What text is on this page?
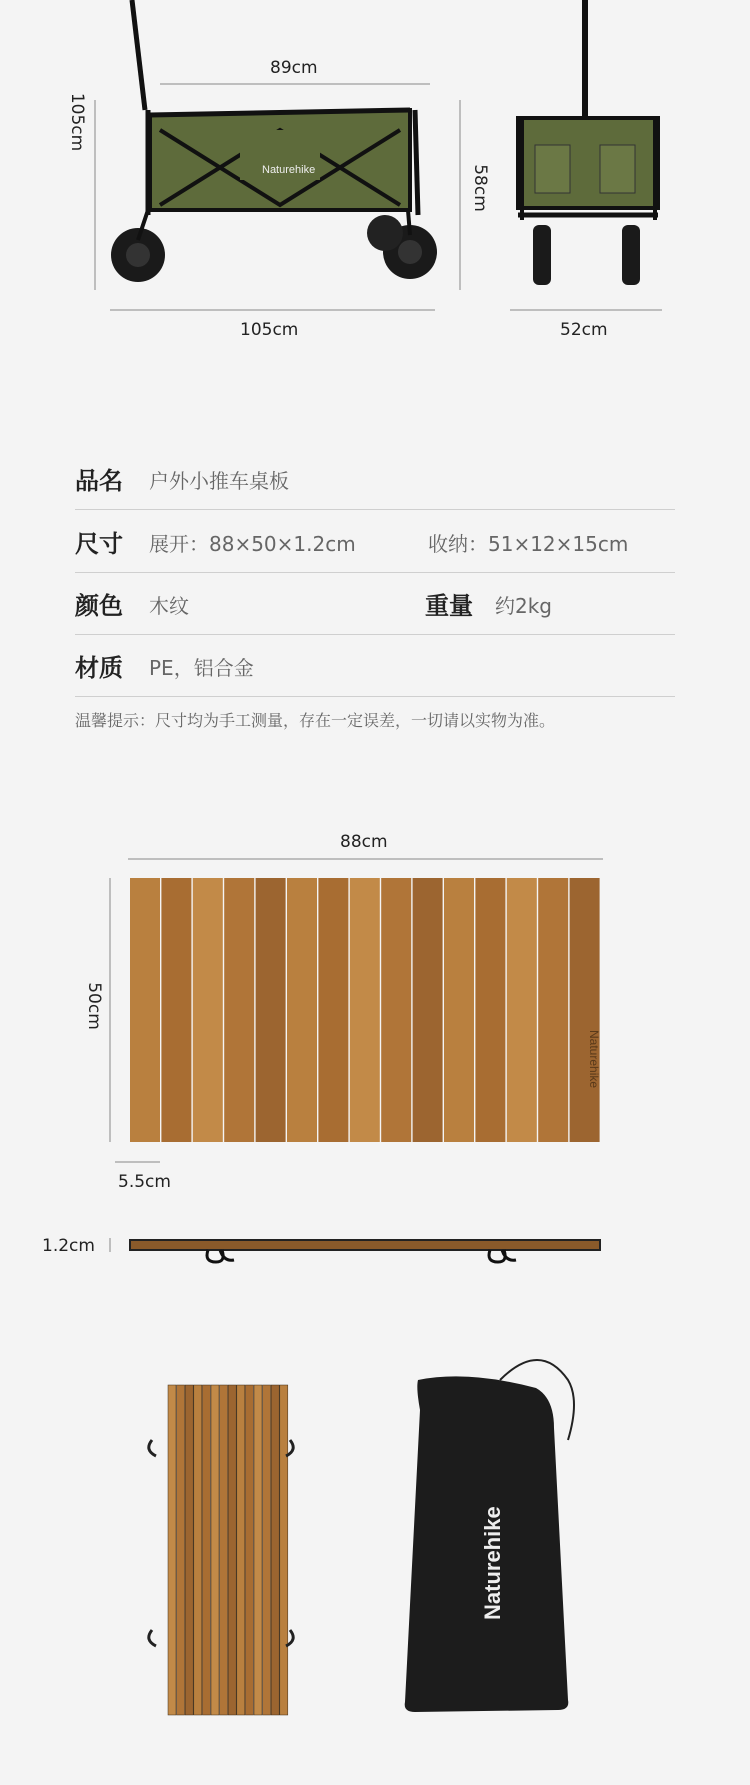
89cm
Naturehike
105cm
105cm
58cm
52cm
品名 户外小推车桌板
尺寸 展开：88×50×1.2cm	收纳：51×12×15cm
颜色 木纹	重量 约2kg
材质 PE，铝合金
温馨提示：尺寸均为手工测量，存在一定误差，一切请以实物为准。
88cm
Naturehike
50cm
5.5cm
1.2cm
Naturehike
